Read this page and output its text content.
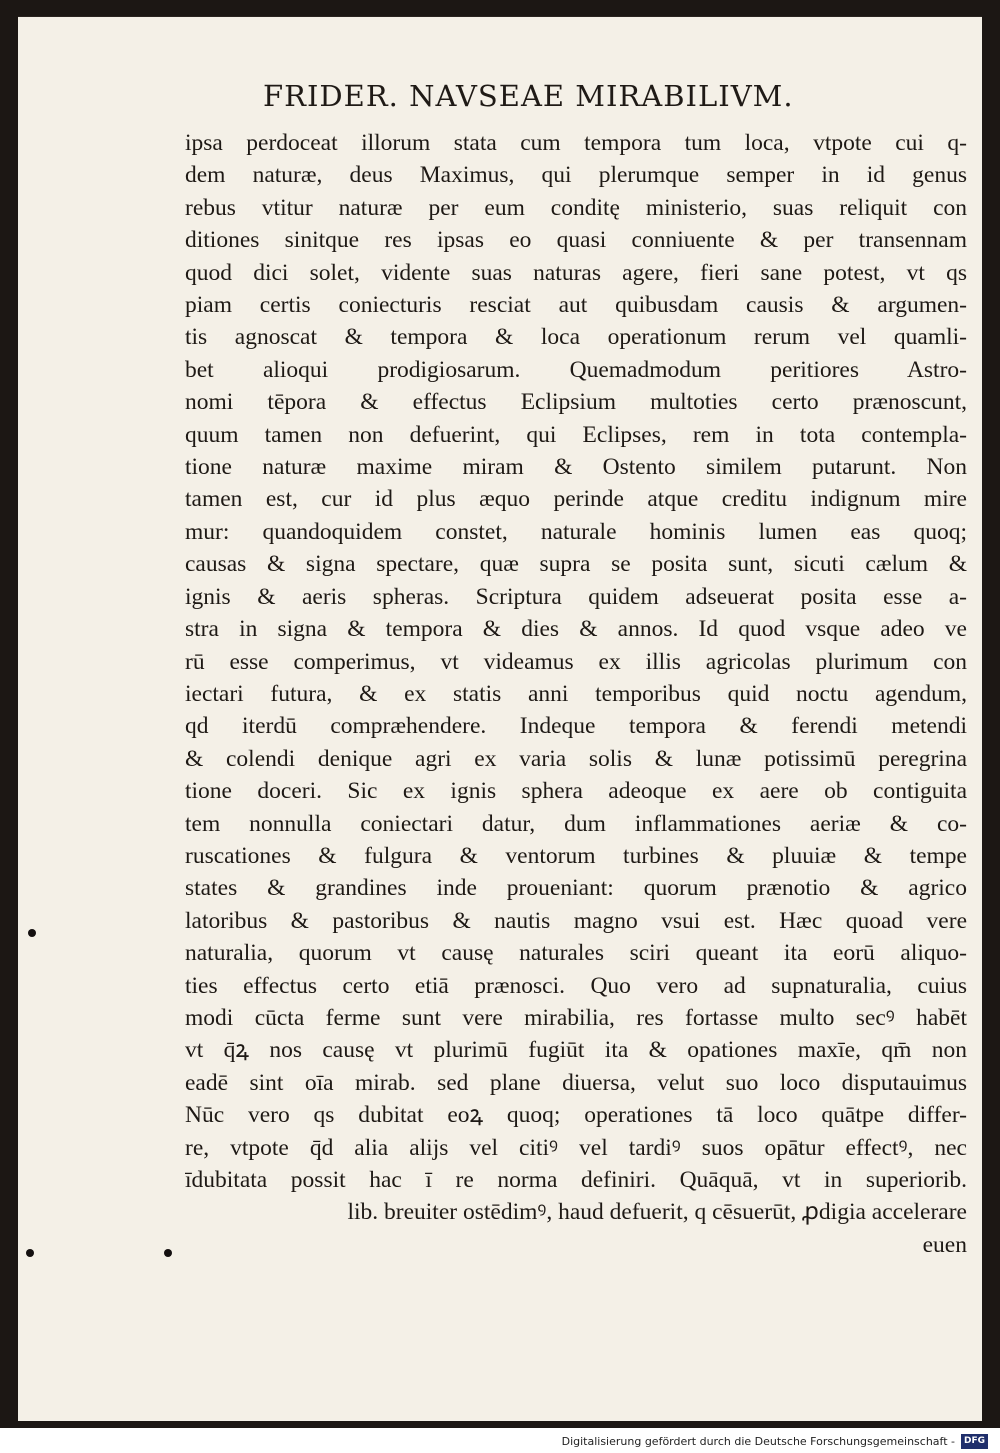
FRIDER. NAVSEAE MIRABILIVM.
ipsa perdoceat illorum stata cum tempora tum loca, vtpote cui q-
dem naturæ, deus Maximus, qui plerumque semper in id genus
rebus vtitur naturæ per eum conditę ministerio, suas reliquit con
ditiones sinitque res ipsas eo quasi conniuente & per transennam
quod dici solet, vidente suas naturas agere, fieri sane potest, vt qs
piam certis coniecturis resciat aut quibusdam causis & argumen-
tis agnoscat & tempora & loca operationum rerum vel quamli-
bet alioqui prodigiosarum. Quemadmodum peritiores Astro-
nomi tēpora & effectus Eclipsium multoties certo prænoscunt,
quum tamen non defuerint, qui Eclipses, rem in tota contempla-
tione naturæ maxime miram & Ostento similem putarunt. Non
tamen est, cur id plus æquo perinde atque creditu indignum mire
mur: quandoquidem constet, naturale hominis lumen eas quoq;
causas & signa spectare, quæ supra se posita sunt, sicuti cælum &
ignis & aeris spheras. Scriptura quidem adseuerat posita esse a-
stra in signa & tempora & dies & annos. Id quod vsque adeo ve
rū esse comperimus, vt videamus ex illis agricolas plurimum con
iectari futura, & ex statis anni temporibus quid noctu agendum,
qd iterdū compræhendere. Indeque tempora & ferendi metendi
& colendi denique agri ex varia solis & lunæ potissimū peregrina
tione doceri. Sic ex ignis sphera adeoque ex aere ob contiguita
tem nonnulla coniectari datur, dum inflammationes aeriæ & co-
ruscationes & fulgura & ventorum turbines & pluuiæ & tempe
states & grandines inde proueniant: quorum prænotio & agrico
latoribus & pastoribus & nautis magno vsui est. Hæc quoad vere
naturalia, quorum vt causę naturales sciri queant ita eorū aliquo-
ties effectus certo etiā prænosci. Quo vero ad supnaturalia, cuius
modi cūcta ferme sunt vere mirabilia, res fortasse multo secꝰ habēt
vt q̄ꝝ nos causę vt plurimū fugiūt ita & opationes maxīe, qm̄ non
eadē sint oīa mirab. sed plane diuersa, velut suo loco disputauimus
Nūc vero qs dubitat eoꝝ quoq; operationes tā loco quātpe differ-
re, vtpote q̄d alia alijs vel citiꝰ vel tardiꝰ suos opātur effectꝰ, nec
īdubitata possit hac ī re norma definiri. Quāquā, vt in superiorib.
lib. breuiter ostēdimꝰ, haud defuerit, q cēsuerūt, ꝓdigia accelerare
euen
Digitalisierung gefördert durch die Deutsche Forschungsgemeinschaft -	DFG
